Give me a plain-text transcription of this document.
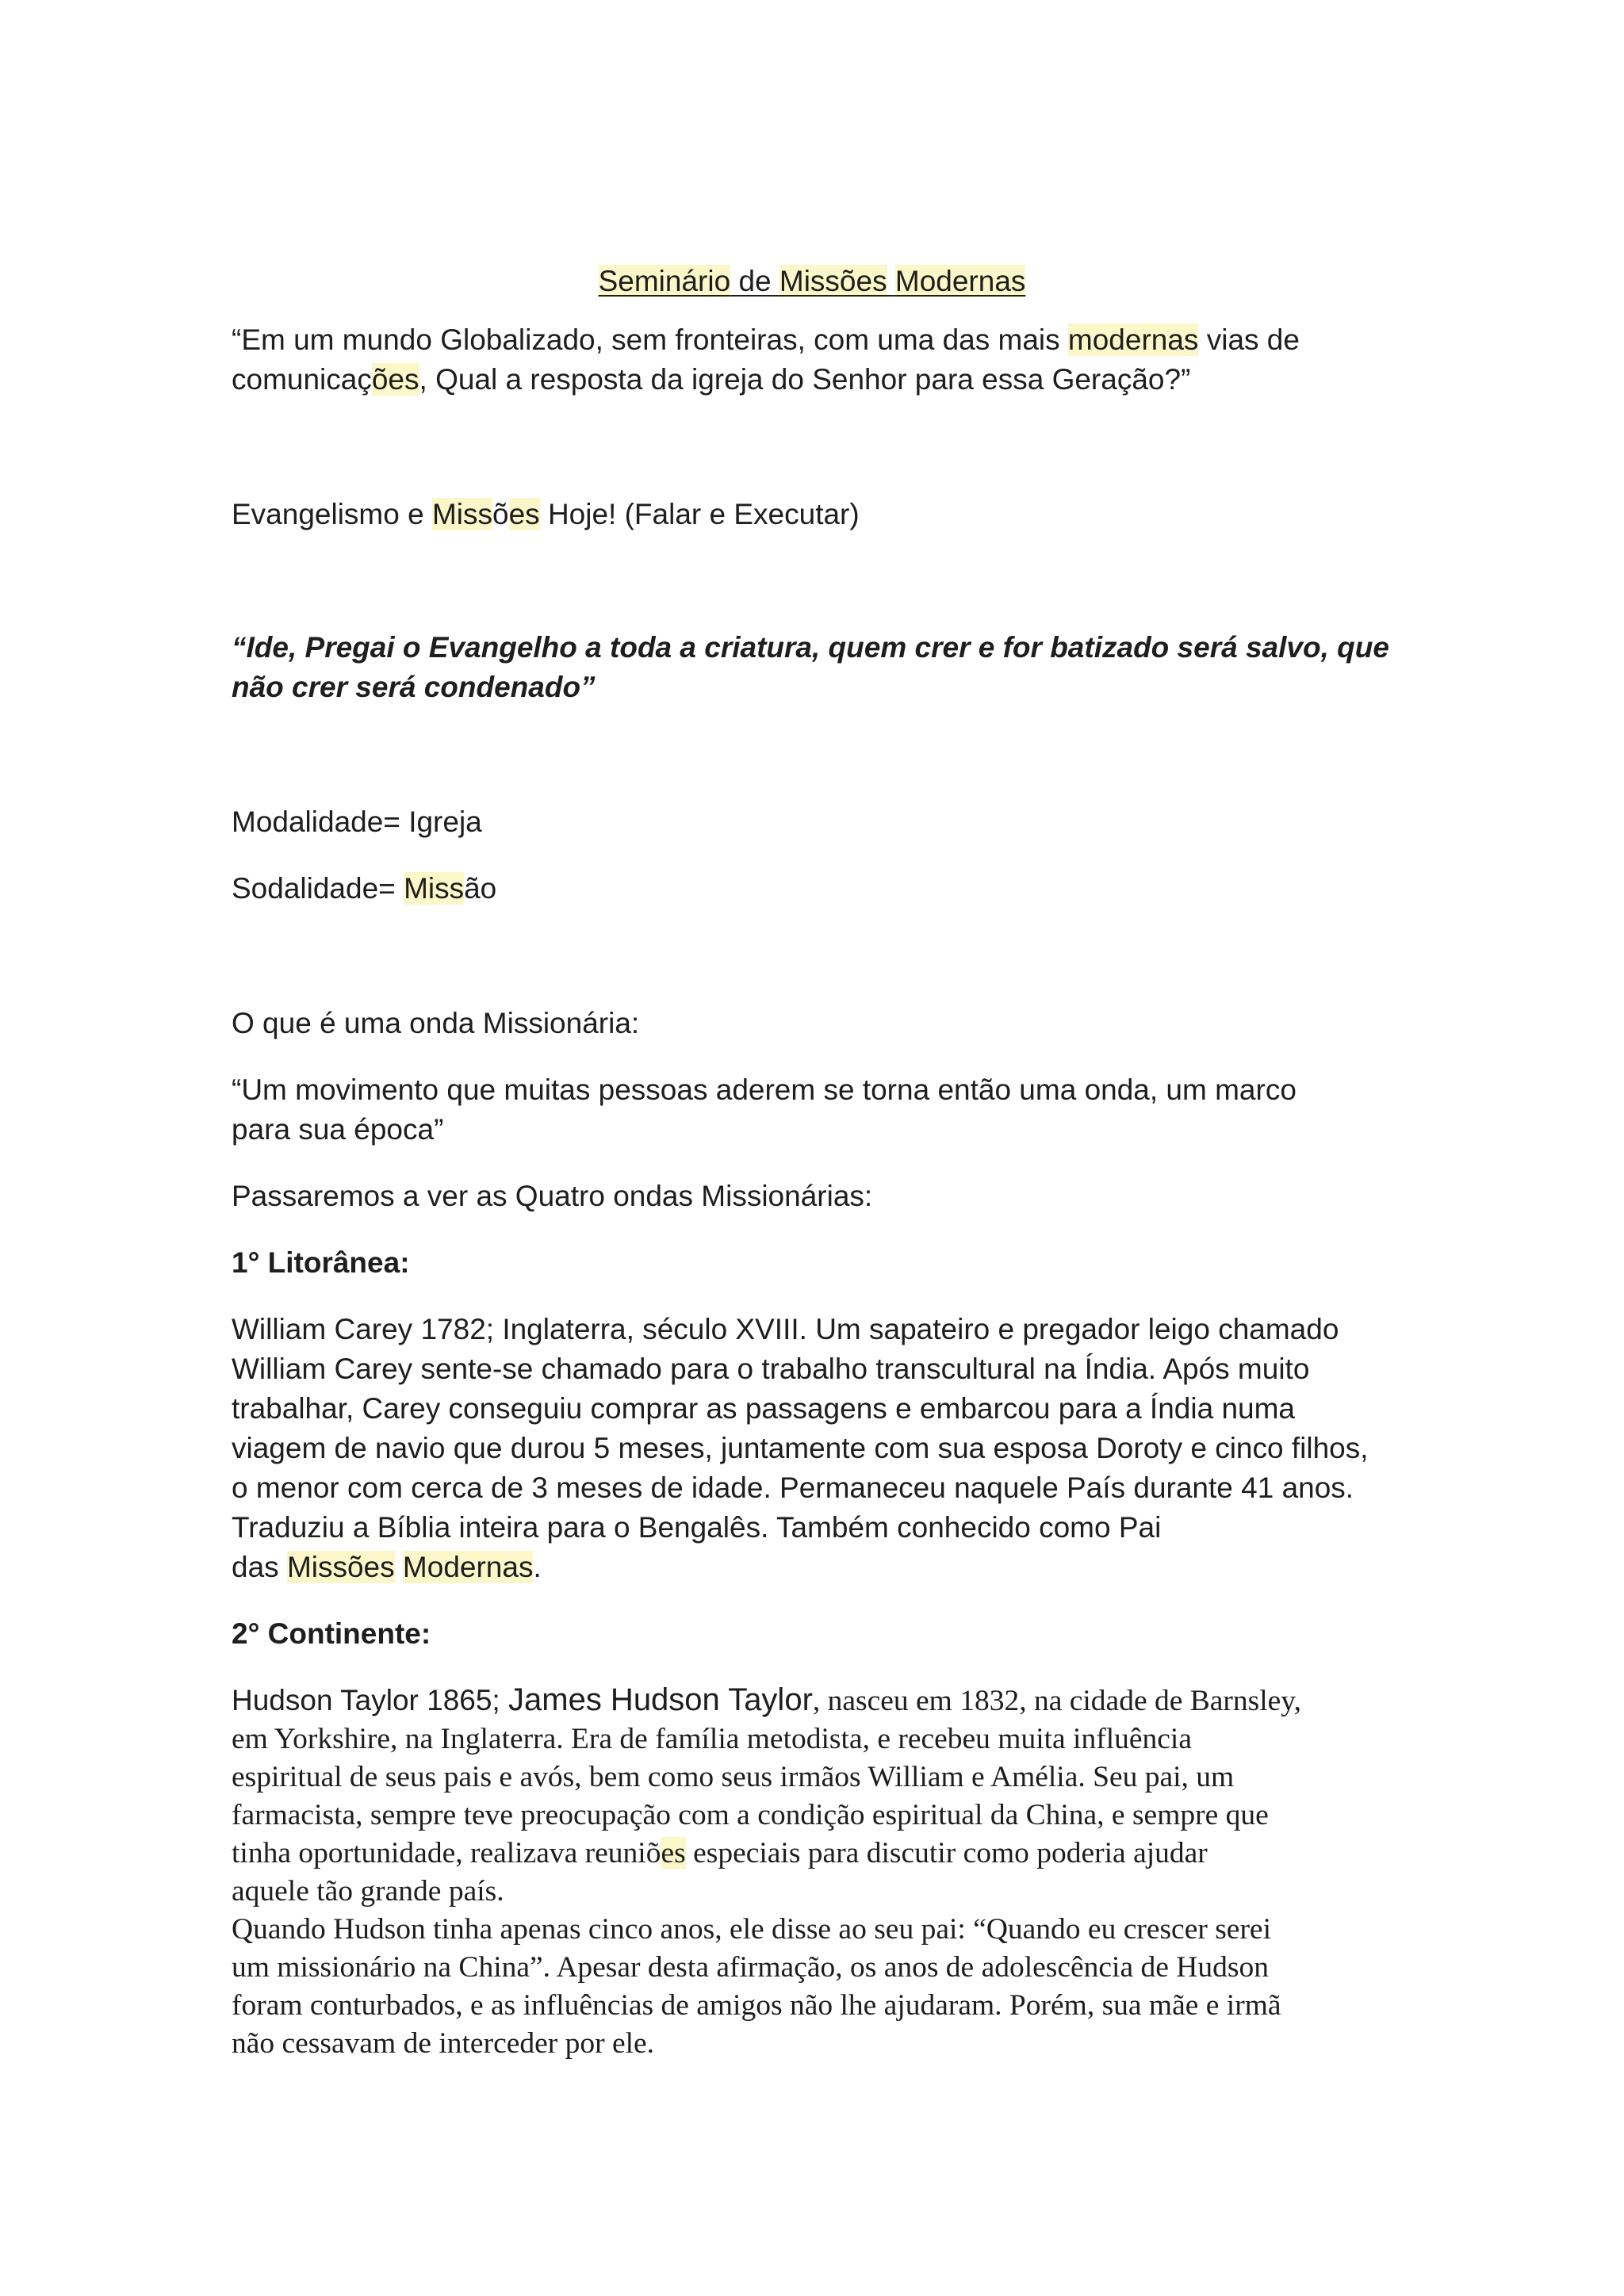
Seminário de Missões Modernas

“Em um mundo Globalizado, sem fronteiras, com uma das mais modernas vias de
comunicações, Qual a resposta da igreja do Senhor para essa Geração?”

Evangelismo e Missões Hoje! (Falar e Executar)

“Ide, Pregai o Evangelho a toda a criatura, quem crer e for batizado será salvo, que
não crer será condenado”

Modalidade= Igreja

Sodalidade= Missão

O que é uma onda Missionária:

“Um movimento que muitas pessoas aderem se torna então uma onda, um marco
para sua época”

Passaremos a ver as Quatro ondas Missionárias:

1° Litorânea:

William Carey 1782; Inglaterra, século XVIII. Um sapateiro e pregador leigo chamado
William Carey sente-se chamado para o trabalho transcultural na Índia. Após muito
trabalhar, Carey conseguiu comprar as passagens e embarcou para a Índia numa
viagem de navio que durou 5 meses, juntamente com sua esposa Doroty e cinco filhos,
o menor com cerca de 3 meses de idade. Permaneceu naquele País durante 41 anos.
Traduziu a Bíblia inteira para o Bengalês. Também conhecido como Pai
das Missões Modernas.

2° Continente:

Hudson Taylor 1865; James Hudson Taylor, nasceu em 1832, na cidade de Barnsley,
em Yorkshire, na Inglaterra. Era de família metodista, e recebeu muita influência
espiritual de seus pais e avós, bem como seus irmãos William e Amélia. Seu pai, um
farmacista, sempre teve preocupação com a condição espiritual da China, e sempre que
tinha oportunidade, realizava reuniões especiais para discutir como poderia ajudar
aquele tão grande país.
Quando Hudson tinha apenas cinco anos, ele disse ao seu pai: “Quando eu crescer serei
um missionário na China”. Apesar desta afirmação, os anos de adolescência de Hudson
foram conturbados, e as influências de amigos não lhe ajudaram. Porém, sua mãe e irmã
não cessavam de interceder por ele.
